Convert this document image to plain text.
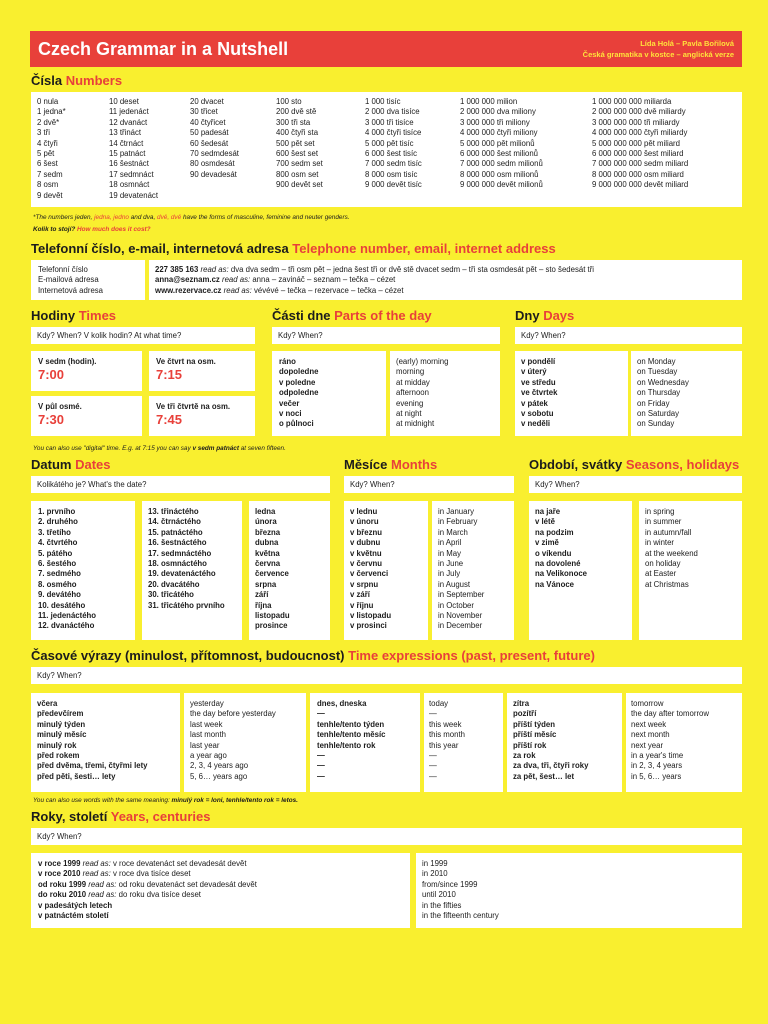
Czech Grammar in a Nutshell	Lída Holá – Pavla Bořilová
Česká gramatika v kostce – anglická verze
Čísla Numbers
0 nula
1 jedna*
2 dvě*
3 tři
4 čtyři
5 pět
6 šest
7 sedm
8 osm
9 devět
10 deset
11 jedenáct
12 dvanáct
13 třináct
14 čtrnáct
15 patnáct
16 šestnáct
17 sedmnáct
18 osmnáct
19 devatenáct
20 dvacet
30 třicet
40 čtyřicet
50 padesát
60 šedesát
70 sedmdesát
80 osmdesát
90 devadesát
100 sto
200 dvě stě
300 tři sta
400 čtyři sta
500 pět set
600 šest set
700 sedm set
800 osm set
900 devět set
1 000 tisíc
2 000 dva tisíce
3 000 tři tisíce
4 000 čtyři tisíce
5 000 pět tisíc
6 000 šest tisíc
7 000 sedm tisíc
8 000 osm tisíc
9 000 devět tisíc
1 000 000 milion
2 000 000 dva miliony
3 000 000 tři miliony
4 000 000 čtyři miliony
5 000 000 pět milionů
6 000 000 šest milionů
7 000 000 sedm milionů
8 000 000 osm milionů
9 000 000 devět milionů
1 000 000 000 miliarda
2 000 000 000 dvě miliardy
3 000 000 000 tři miliardy
4 000 000 000 čtyři miliardy
5 000 000 000 pět miliard
6 000 000 000 šest miliard
7 000 000 000 sedm miliard
8 000 000 000 osm miliard
9 000 000 000 devět miliard
*The numbers jeden, jedna, jedno and dva, dvě, dvě have the forms of masculine, feminine and neuter genders.
Kolik to stojí? How much does it cost?
Telefonní číslo, e-mail, internetová adresa Telephone number, email, internet address
Telefonní číslo
E-mailová adresa
Internetová adresa
227 385 163 read as: dva dva sedm – tři osm pět – jedna šest tři or dvě stě dvacet sedm – tři sta osmdesát pět – sto šedesát tři
anna@seznam.cz read as: anna – zavináč – seznam – tečka – cézet
www.rezervace.cz read as: vévévé – tečka – rezervace – tečka – cézet
Hodiny Times
Kdy? When? V kolik hodin? At what time?
V sedm (hodin).
7:00
Ve čtvrt na osm.
7:15
V půl osmé.
7:30
Ve tři čtvrtě na osm.
7:45
You can also use "digital" time. E.g. at 7:15 you can say v sedm patnáct at seven fifteen.
Části dne Parts of the day
Kdy? When?
ráno
dopoledne
v poledne
odpoledne
večer
v noci
o půlnoci
(early) morning
morning
at midday
afternoon
evening
at night
at midnight
Dny Days
Kdy? When?
v pondělí
v úterý
ve středu
ve čtvrtek
v pátek
v sobotu
v neděli
on Monday
on Tuesday
on Wednesday
on Thursday
on Friday
on Saturday
on Sunday
Datum Dates
Kolikátého je? What's the date?
1. prvního
2. druhého
3. třetího
4. čtvrtého
5. pátého
6. šestého
7. sedmého
8. osmého
9. devátého
10. desátého
11. jedenáctého
12. dvanáctého
13. třináctého
14. čtrnáctého
15. patnáctého
16. šestnáctého
17. sedmnáctého
18. osmnáctého
19. devatenáctého
20. dvacátého
30. třicátého
31. třicátého prvního
ledna
února
března
dubna
května
června
července
srpna
září
října
listopadu
prosince
Měsíce Months
Kdy? When?
v lednu
v únoru
v březnu
v dubnu
v květnu
v červnu
v červenci
v srpnu
v září
v říjnu
v listopadu
v prosinci
in January
in February
in March
in April
in May
in June
in July
in August
in September
in October
in November
in December
Období, svátky Seasons, holidays
Kdy? When?
na jaře
v létě
na podzim
v zimě
o víkendu
na dovolené
na Velikonoce
na Vánoce
in spring
in summer
in autumn/fall
in winter
at the weekend
on holiday
at Easter
at Christmas
Časové výrazy (minulost, přítomnost, budoucnost) Time expressions (past, present, future)
Kdy? When?
včera
předevčírem
minulý týden
minulý měsíc
minulý rok
před rokem
před dvěma, třemi, čtyřmi lety
před pěti, šesti… lety
yesterday
the day before yesterday
last week
last month
last year
a year ago
2, 3, 4 years ago
5, 6… years ago
dnes, dneska
—
tenhle/tento týden
tenhle/tento měsíc
tenhle/tento rok
—
—
—
today
—
this week
this month
this year
—
—
—
zítra
pozítří
příští týden
příští měsíc
příští rok
za rok
za dva, tři, čtyři roky
za pět, šest… let
tomorrow
the day after tomorrow
next week
next month
next year
in a year's time
in 2, 3, 4 years
in 5, 6… years
You can also use words with the same meaning: minulý rok = loni, tenhle/tento rok = letos.
Roky, století Years, centuries
Kdy? When?
v roce 1999 read as: v roce devatenáct set devadesát devět
v roce 2010 read as: v roce dva tisíce deset
od roku 1999 read as: od roku devatenáct set devadesát devět
do roku 2010 read as: do roku dva tisíce deset
v padesátých letech
v patnáctém století
in 1999
in 2010
from/since 1999
until 2010
in the fifties
in the fifteenth century
